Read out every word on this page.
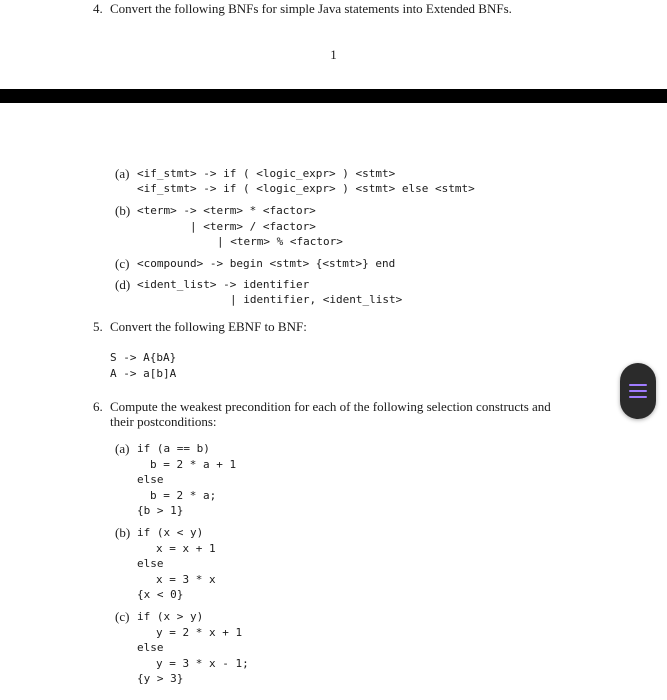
4. Convert the following BNFs for simple Java statements into Extended BNFs.
1
(a) <if_stmt> -> if ( <logic_expr> ) <stmt>
<if_stmt> -> if ( <logic_expr> ) <stmt> else <stmt>
(b) <term> -> <term> * <factor>
| <term> / <factor>
| <term> % <factor>
(c) <compound> -> begin <stmt> {<stmt>} end
(d) <ident_list> -> identifier
| identifier, <ident_list>
5. Convert the following EBNF to BNF:
S -> A{bA}
A -> a[b]A
6. Compute the weakest precondition for each of the following selection constructs and
their postconditions:
(a) if (a == b)
b = 2 * a + 1
else
b = 2 * a;
{b > 1}
(b) if (x < y)
x = x + 1
else
x = 3 * x
{x < 0}
(c) if (x > y)
y = 2 * x + 1
else
y = 3 * x - 1;
{y > 3}
